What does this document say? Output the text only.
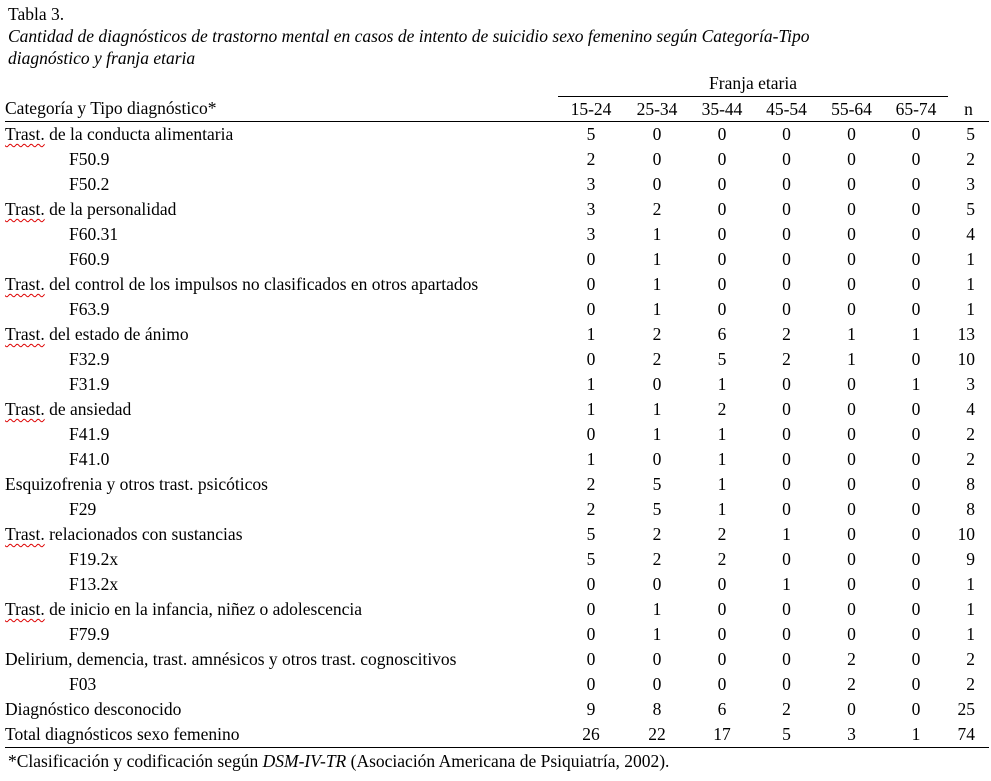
Tabla 3.
Cantidad de diagnósticos de trastorno mental en casos de intento de suicidio sexo femenino según Categoría-Tipo
diagnóstico y franja etaria
Categoría y Tipo diagnóstico*	Franja etaria						
	15-24	25-34	35-44	45-54	55-64	65-74	n
Trast. de la conducta alimentaria	5	0	0	0	0	0	5
F50.9	2	0	0	0	0	0	2
F50.2	3	0	0	0	0	0	3
Trast. de la personalidad	3	2	0	0	0	0	5
F60.31	3	1	0	0	0	0	4
F60.9	0	1	0	0	0	0	1
Trast. del control de los impulsos no clasificados en otros apartados	0	1	0	0	0	0	1
F63.9	0	1	0	0	0	0	1
Trast. del estado de ánimo	1	2	6	2	1	1	13
F32.9	0	2	5	2	1	0	10
F31.9	1	0	1	0	0	1	3
Trast. de ansiedad	1	1	2	0	0	0	4
F41.9	0	1	1	0	0	0	2
F41.0	1	0	1	0	0	0	2
Esquizofrenia y otros trast. psicóticos	2	5	1	0	0	0	8
F29	2	5	1	0	0	0	8
Trast. relacionados con sustancias	5	2	2	1	0	0	10
F19.2x	5	2	2	0	0	0	9
F13.2x	0	0	0	1	0	0	1
Trast. de inicio en la infancia, niñez o adolescencia	0	1	0	0	0	0	1
F79.9	0	1	0	0	0	0	1
Delirium, demencia, trast. amnésicos y otros trast. cognoscitivos	0	0	0	0	2	0	2
F03	0	0	0	0	2	0	2
Diagnóstico desconocido	9	8	6	2	0	0	25
Total diagnósticos sexo femenino	26	22	17	5	3	1	74
*Clasificación y codificación según DSM-IV-TR (Asociación Americana de Psiquiatría, 2002).
